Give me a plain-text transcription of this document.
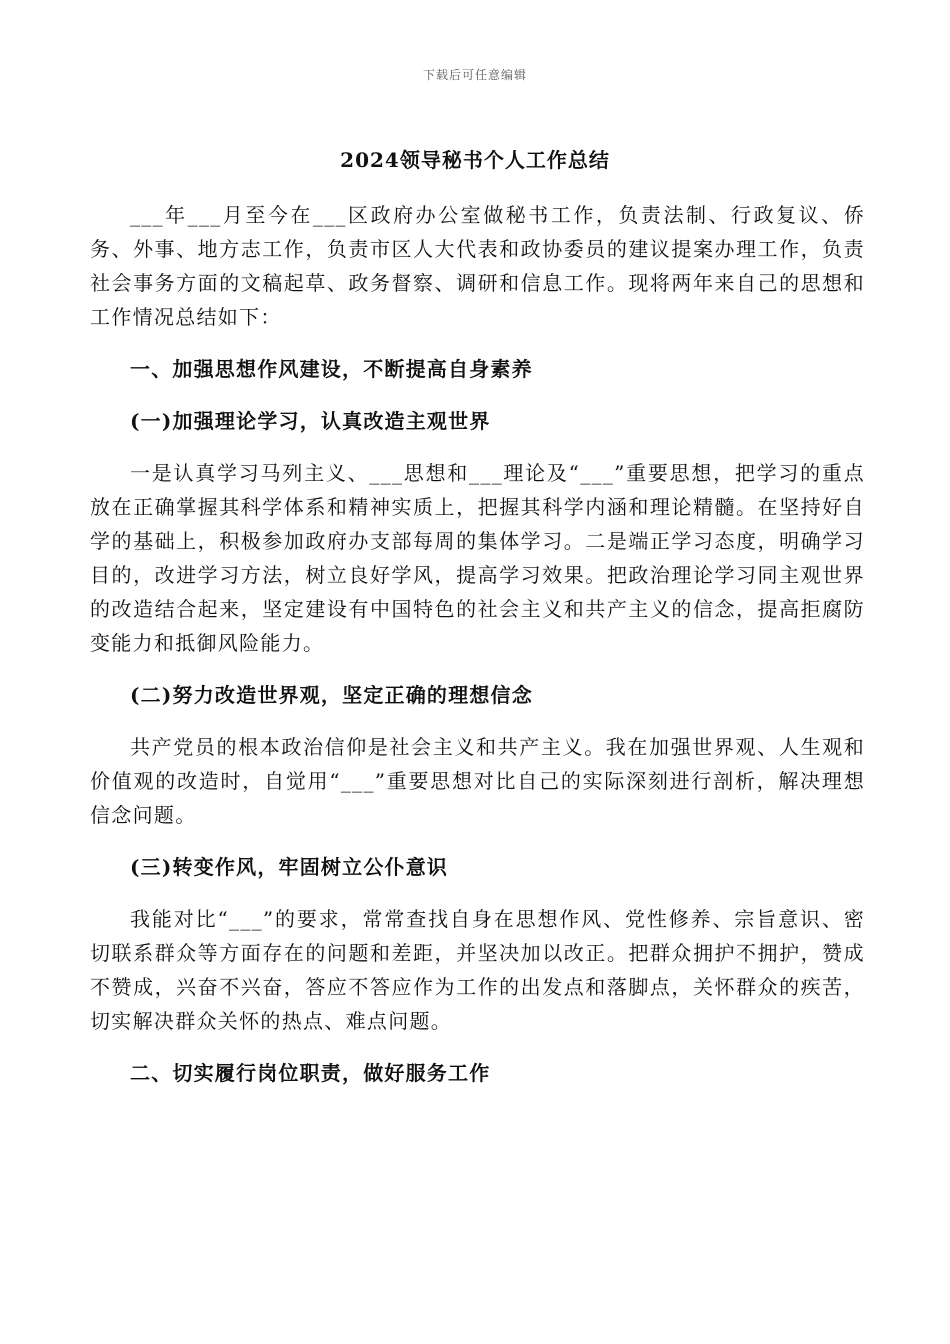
下载后可任意编辑
2024领导秘书个人工作总结

___年___月至今在___区政府办公室做秘书工作，负责法制、行政复议、侨务、外事、地方志工作，负责市区人大代表和政协委员的建议提案办理工作，负责社会事务方面的文稿起草、政务督察、调研和信息工作。现将两年来自己的思想和工作情况总结如下：

一、加强思想作风建设，不断提高自身素养

(一)加强理论学习，认真改造主观世界

一是认真学习马列主义、___思想和___理论及“___”重要思想，把学习的重点放在正确掌握其科学体系和精神实质上，把握其科学内涵和理论精髓。在坚持好自学的基础上，积极参加政府办支部每周的集体学习。二是端正学习态度，明确学习目的，改进学习方法，树立良好学风，提高学习效果。把政治理论学习同主观世界的改造结合起来，坚定建设有中国特色的社会主义和共产主义的信念，提高拒腐防变能力和抵御风险能力。

(二)努力改造世界观，坚定正确的理想信念

共产党员的根本政治信仰是社会主义和共产主义。我在加强世界观、人生观和价值观的改造时，自觉用“___”重要思想对比自己的实际深刻进行剖析，解决理想信念问题。

(三)转变作风，牢固树立公仆意识

我能对比“___”的要求，常常查找自身在思想作风、党性修养、宗旨意识、密切联系群众等方面存在的问题和差距，并坚决加以改正。把群众拥护不拥护，赞成不赞成，兴奋不兴奋，答应不答应作为工作的出发点和落脚点，关怀群众的疾苦，切实解决群众关怀的热点、难点问题。

二、切实履行岗位职责，做好服务工作
